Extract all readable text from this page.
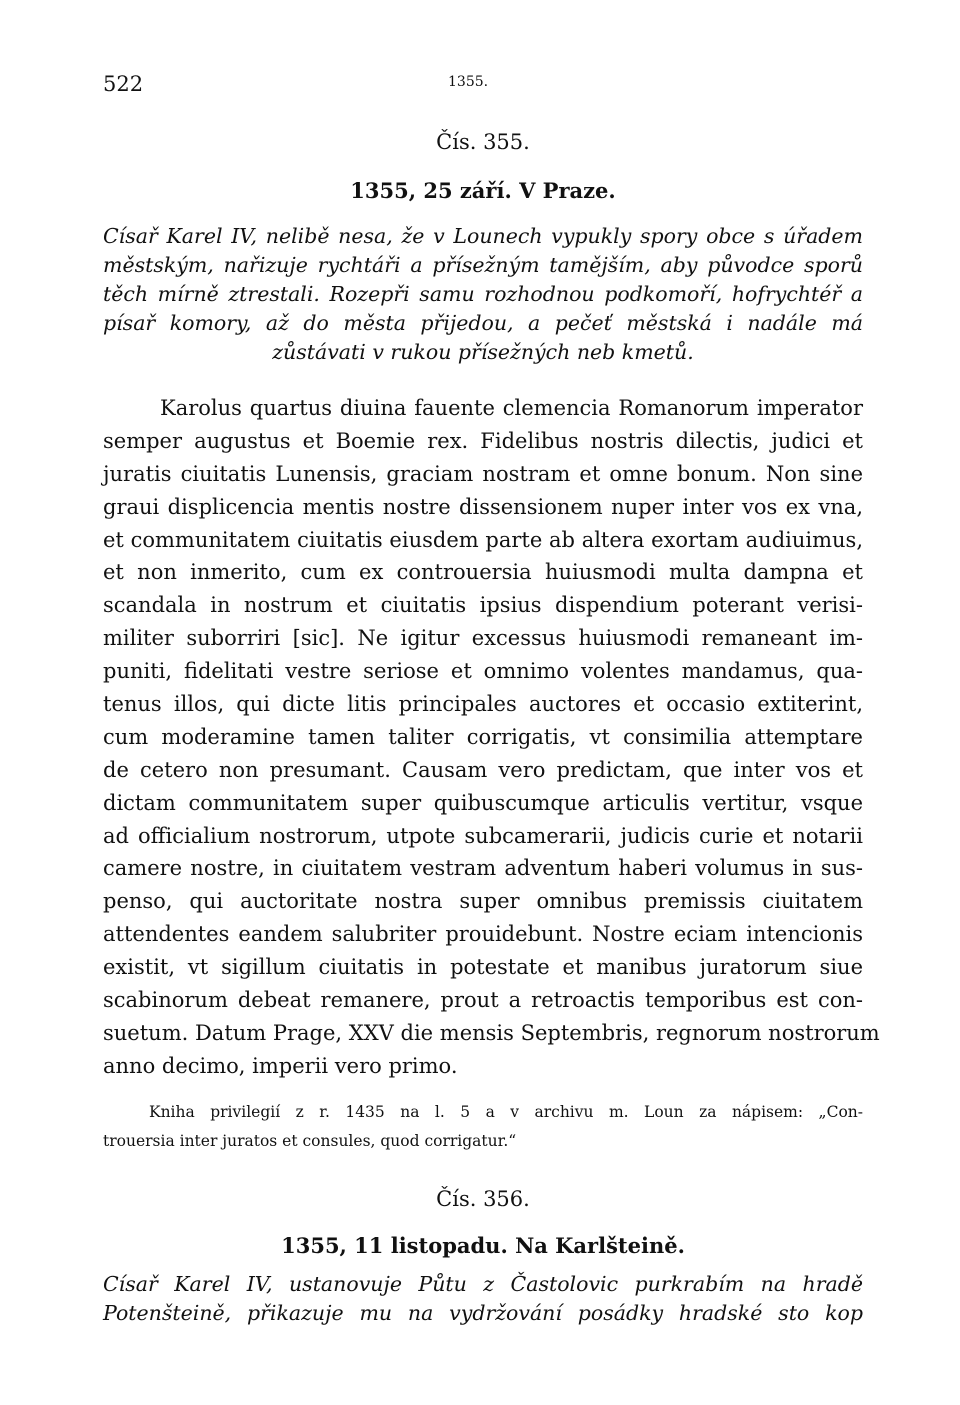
522	1355.
Čís. 355.
1355, 25 září. V Praze.
Císař Karel IV, nelibě nesa, že v Lounech vypukly spory obce s úřadem
městským, nařizuje rychtáři a přísežným tamějším, aby původce sporů
těch mírně ztrestali. Rozepři samu rozhodnou podkomoří, hofrychtéř a
písař komory, až do města přijedou, a pečeť městská i nadále má
zůstávati v rukou přísežných neb kmetů.
Karolus quartus diuina fauente clemencia Romanorum imperator
semper augustus et Boemie rex. Fidelibus nostris dilectis, judici et
juratis ciuitatis Lunensis, graciam nostram et omne bonum. Non sine
graui displicencia mentis nostre dissensionem nuper inter vos ex vna,
et communitatem ciuitatis eiusdem parte ab altera exortam audiuimus,
et non inmerito, cum ex controuersia huiusmodi multa dampna et
scandala in nostrum et ciuitatis ipsius dispendium poterant verisi-
militer suborriri [sic]. Ne igitur excessus huiusmodi remaneant im-
puniti, fidelitati vestre seriose et omnimo volentes mandamus, qua-
tenus illos, qui dicte litis principales auctores et occasio extiterint,
cum moderamine tamen taliter corrigatis, vt consimilia attemptare
de cetero non presumant. Causam vero predictam, que inter vos et
dictam communitatem super quibuscumque articulis vertitur, vsque
ad officialium nostrorum, utpote subcamerarii, judicis curie et notarii
camere nostre, in ciuitatem vestram adventum haberi volumus in sus-
penso, qui auctoritate nostra super omnibus premissis ciuitatem
attendentes eandem salubriter prouidebunt. Nostre eciam intencionis
existit, vt sigillum ciuitatis in potestate et manibus juratorum siue
scabinorum debeat remanere, prout a retroactis temporibus est con-
suetum. Datum Prage, XXV die mensis Septembris, regnorum nostrorum
anno decimo, imperii vero primo.
Kniha privilegií z r. 1435 na l. 5 a v archivu m. Loun za nápisem: „Con-
trouersia inter juratos et consules, quod corrigatur.“
Čís. 356.
1355, 11 listopadu. Na Karlšteině.
Císař Karel IV, ustanovuje Půtu z Častolovic purkrabím na hradě
Potenšteině, přikazuje mu na vydržování posádky hradské sto kop
